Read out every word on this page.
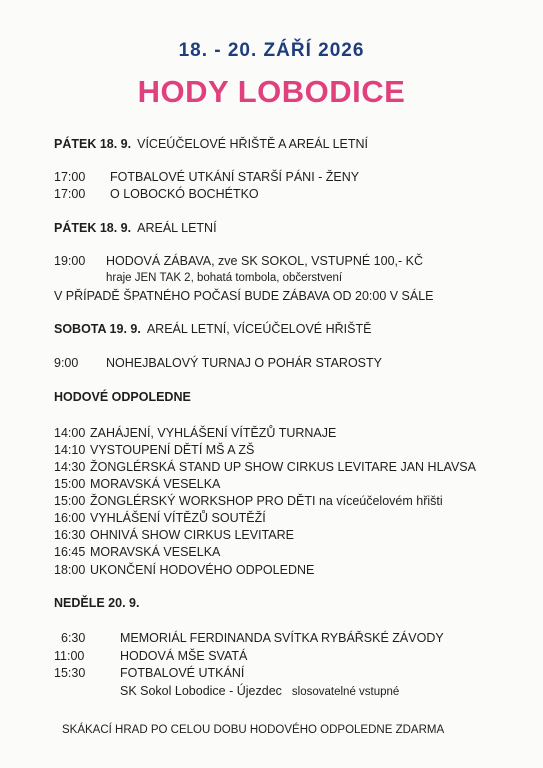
18. - 20. ZÁŘÍ 2026
HODY LOBODICE
PÁTEK 18. 9. VÍCEÚČELOVÉ HŘIŠTĚ A AREÁL LETNÍ
17:00 FOTBALOVÉ UTKÁNÍ STARŠÍ PÁNI - ŽENY
17:00 O LOBOCKÓ BOCHÉTKO
PÁTEK 18. 9. AREÁL LETNÍ
19:00 HODOVÁ ZÁBAVA, zve SK SOKOL, VSTUPNÉ 100,- KČ
hraje JEN TAK 2, bohatá tombola, občerstvení
V PŘÍPADĚ ŠPATNÉHO POČASÍ BUDE ZÁBAVA OD 20:00 V SÁLE
SOBOTA 19. 9. AREÁL LETNÍ, VÍCEÚČELOVÉ HŘIŠTĚ
9:00 NOHEJBALOVÝ TURNAJ O POHÁR STAROSTY
HODOVÉ ODPOLEDNE
14:00 ZAHÁJENÍ, VYHLÁŠENÍ VÍTĚZŮ TURNAJE
14:10 VYSTOUPENÍ DĚTÍ MŠ A ZŠ
14:30 ŽONGLÉRSKÁ STAND UP SHOW CIRKUS LEVITARE JAN HLAVSA
15:00 MORAVSKÁ VESELKA
15:00 ŽONGLÉRSKÝ WORKSHOP PRO DĚTI na víceúčelovém hřišti
16:00 VYHLÁŠENÍ VÍTĚZŮ SOUTĚŽÍ
16:30 OHNIVÁ SHOW CIRKUS LEVITARE
16:45 MORAVSKÁ VESELKA
18:00 UKONČENÍ HODOVÉHO ODPOLEDNE
NEDĚLE 20. 9.
6:30	MEMORIÁL FERDINANDA SVÍTKA RYBÁŘSKÉ ZÁVODY
11:00	HODOVÁ MŠE SVATÁ
15:30	FOTBALOVÉ UTKÁNÍ
SK Sokol Lobodice - Újezdec slosovatelné vstupné
SKÁKACÍ HRAD PO CELOU DOBU HODOVÉHO ODPOLEDNE ZDARMA
